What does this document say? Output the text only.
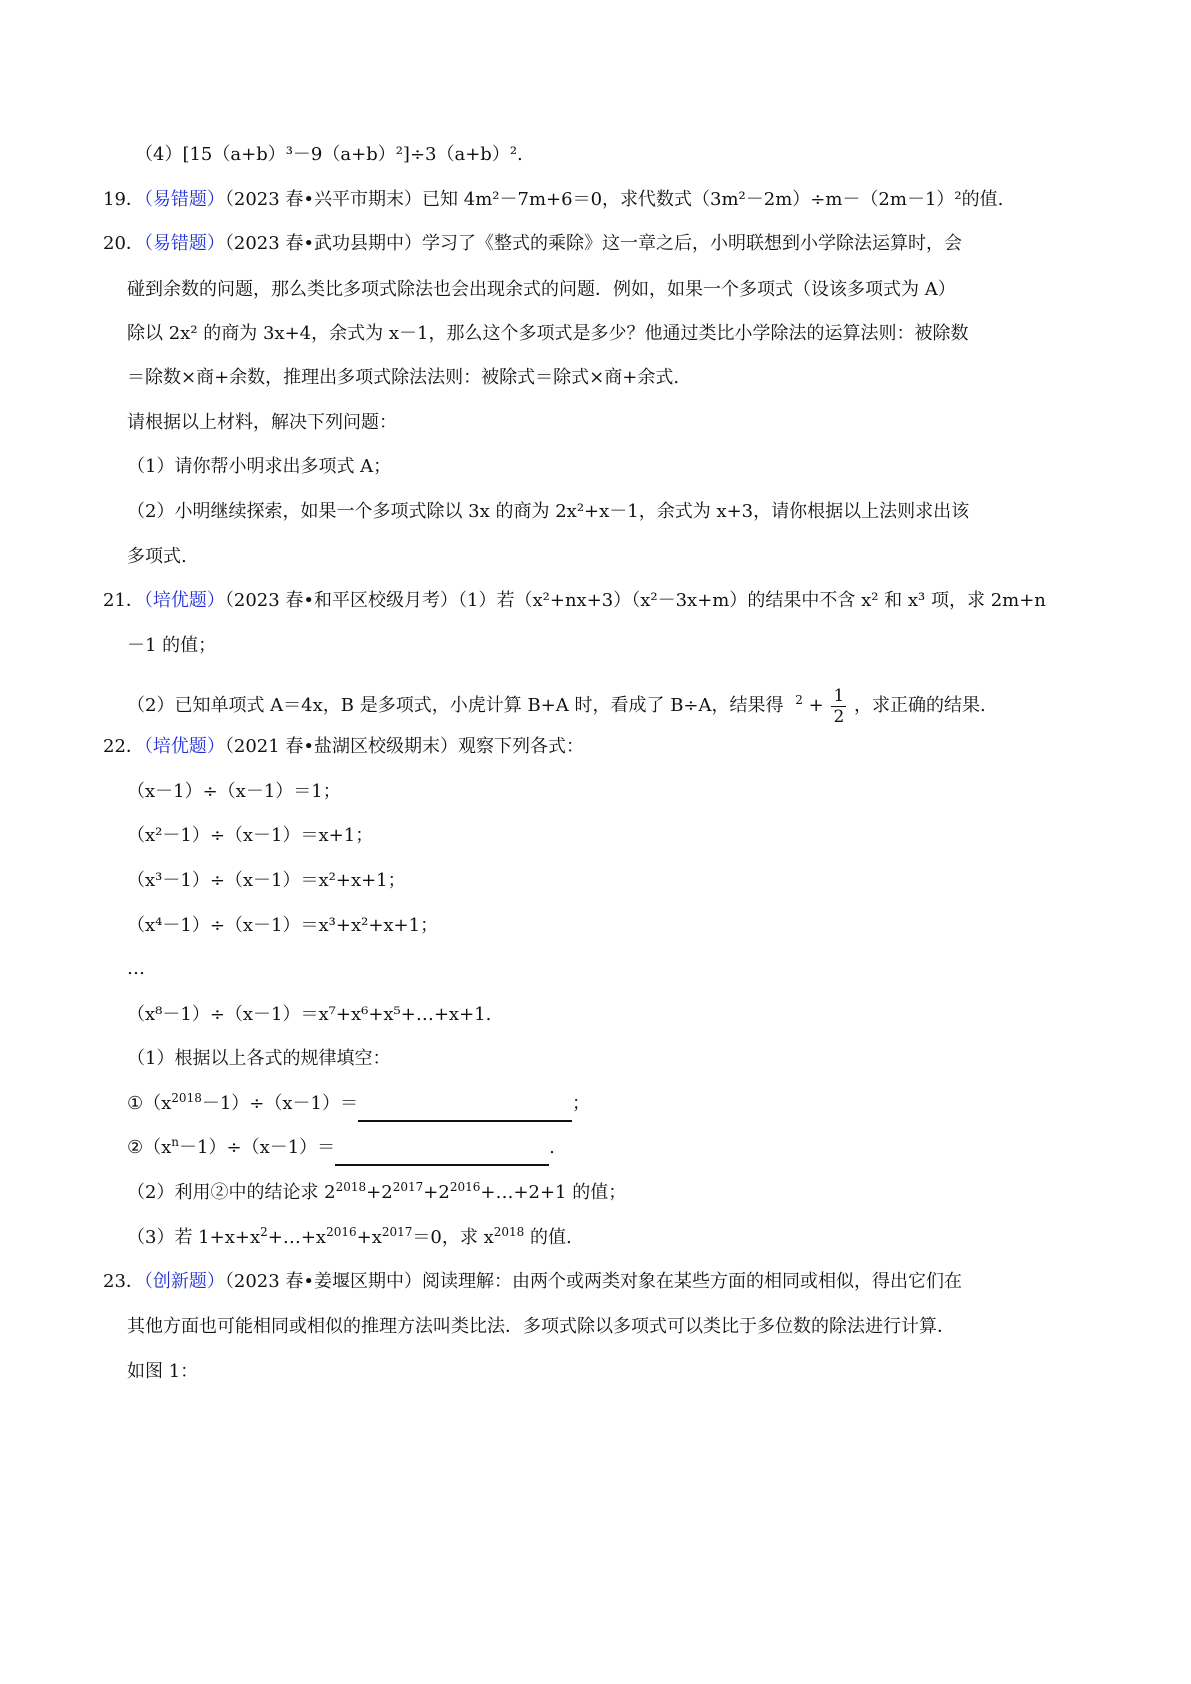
（4）[15（a+b）³－9（a+b）²]÷3（a+b）².
19．（易错题）（2023 春•兴平市期末）已知 4m²－7m+6＝0，求代数式（3m²－2m）÷m－（2m－1）²的值.
20．（易错题）（2023 春•武功县期中）学习了《整式的乘除》这一章之后，小明联想到小学除法运算时，会
碰到余数的问题，那么类比多项式除法也会出现余式的问题．例如，如果一个多项式（设该多项式为 A）
除以 2x² 的商为 3x+4，余式为 x－1，那么这个多项式是多少？他通过类比小学除法的运算法则：被除数
＝除数×商+余数，推理出多项式除法法则：被除式＝除式×商+余式.
请根据以上材料，解决下列问题：
（1）请你帮小明求出多项式 A；
（2）小明继续探索，如果一个多项式除以 3x 的商为 2x²+x－1，余式为 x+3，请你根据以上法则求出该
多项式.
21．（培优题）（2023 春•和平区校级月考）（1）若（x²+nx+3）（x²－3x+m）的结果中不含 x² 和 x³ 项，求 2m+n
－1 的值；
（2）已知单项式 A＝4x，B 是多项式，小虎计算 B+A 时，看成了 B÷A，结果得 $^2 + \frac{1}{2}$ ，求正确的结果.
22．（培优题）（2021 春•盐湖区校级期末）观察下列各式：
（x－1）÷（x－1）＝1；
（x²－1）÷（x－1）＝x+1；
（x³－1）÷（x－1）＝x²+x+1；
（x⁴－1）÷（x－1）＝x³+x²+x+1；
…
（x⁸－1）÷（x－1）＝x⁷+x⁶+x⁵+…+x+1.
（1）根据以上各式的规律填空：
$①(x^{2018}-1)\div(x-1)=$	；
$②(x^n-1)\div(x-1)=$	.
（2）利用②中的结论求 $2^{2018}+2^{2017}+2^{2016}+\dots+2+1$ 的值；
（3）若 $1+x+x^2+\dots+x^{2016}+x^{2017}=0$，求 $x^{2018}$ 的值.
23．（创新题）（2023 春•姜堰区期中）阅读理解：由两个或两类对象在某些方面的相同或相似，得出它们在
其他方面也可能相同或相似的推理方法叫类比法．多项式除以多项式可以类比于多位数的除法进行计算．
如图 1：
